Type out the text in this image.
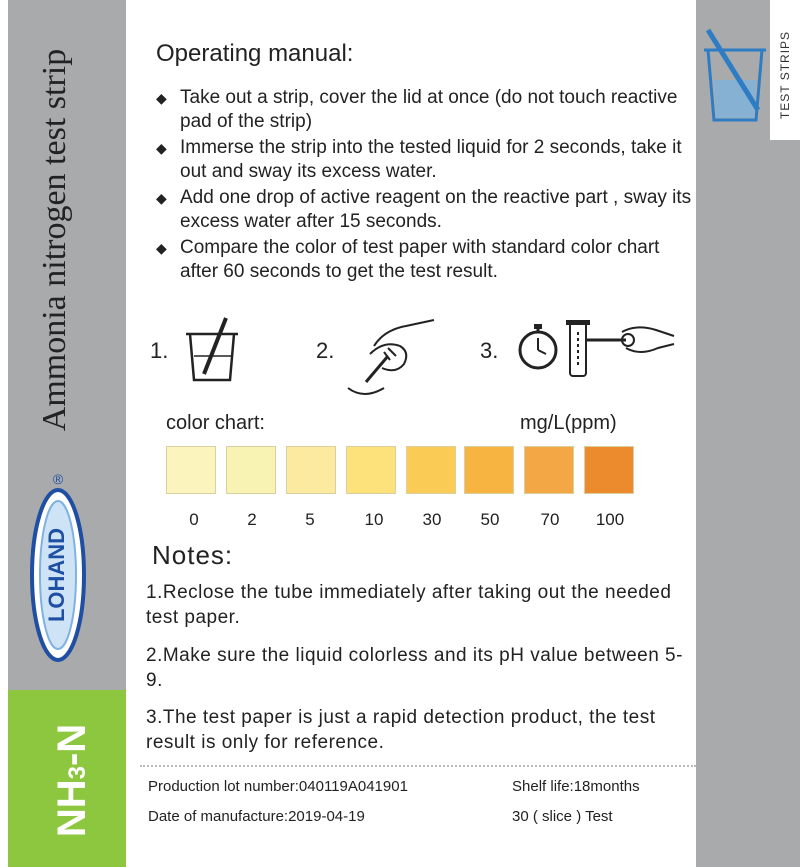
Ammonia nitrogen test strip
®
LOHAND
NH3-N
TEST STRIPS
Operating manual:
◆ Take out a strip, cover the lid at once (do not touch reactive pad of the strip)
◆ Immerse the strip into the tested liquid for 2 seconds, take it out and sway its excess water.
◆ Add one drop of active reagent on the reactive part , sway its excess water after 15 seconds.
◆ Compare the color of test paper with standard color chart after 60 seconds to get the test result.
1.	2.	3.
color chart:	mg/L(ppm)
0	2	5	10	30	50	70	100
Notes:
1.Reclose the tube immediately after taking out the needed test paper.
2.Make sure the liquid colorless and its pH value between 5-9.
3.The test paper is just a rapid detection product, the test result is only for reference.
Production lot number:040119A041901	Shelf life:18months
Date of manufacture:2019-04-19	30 ( slice ) Test
